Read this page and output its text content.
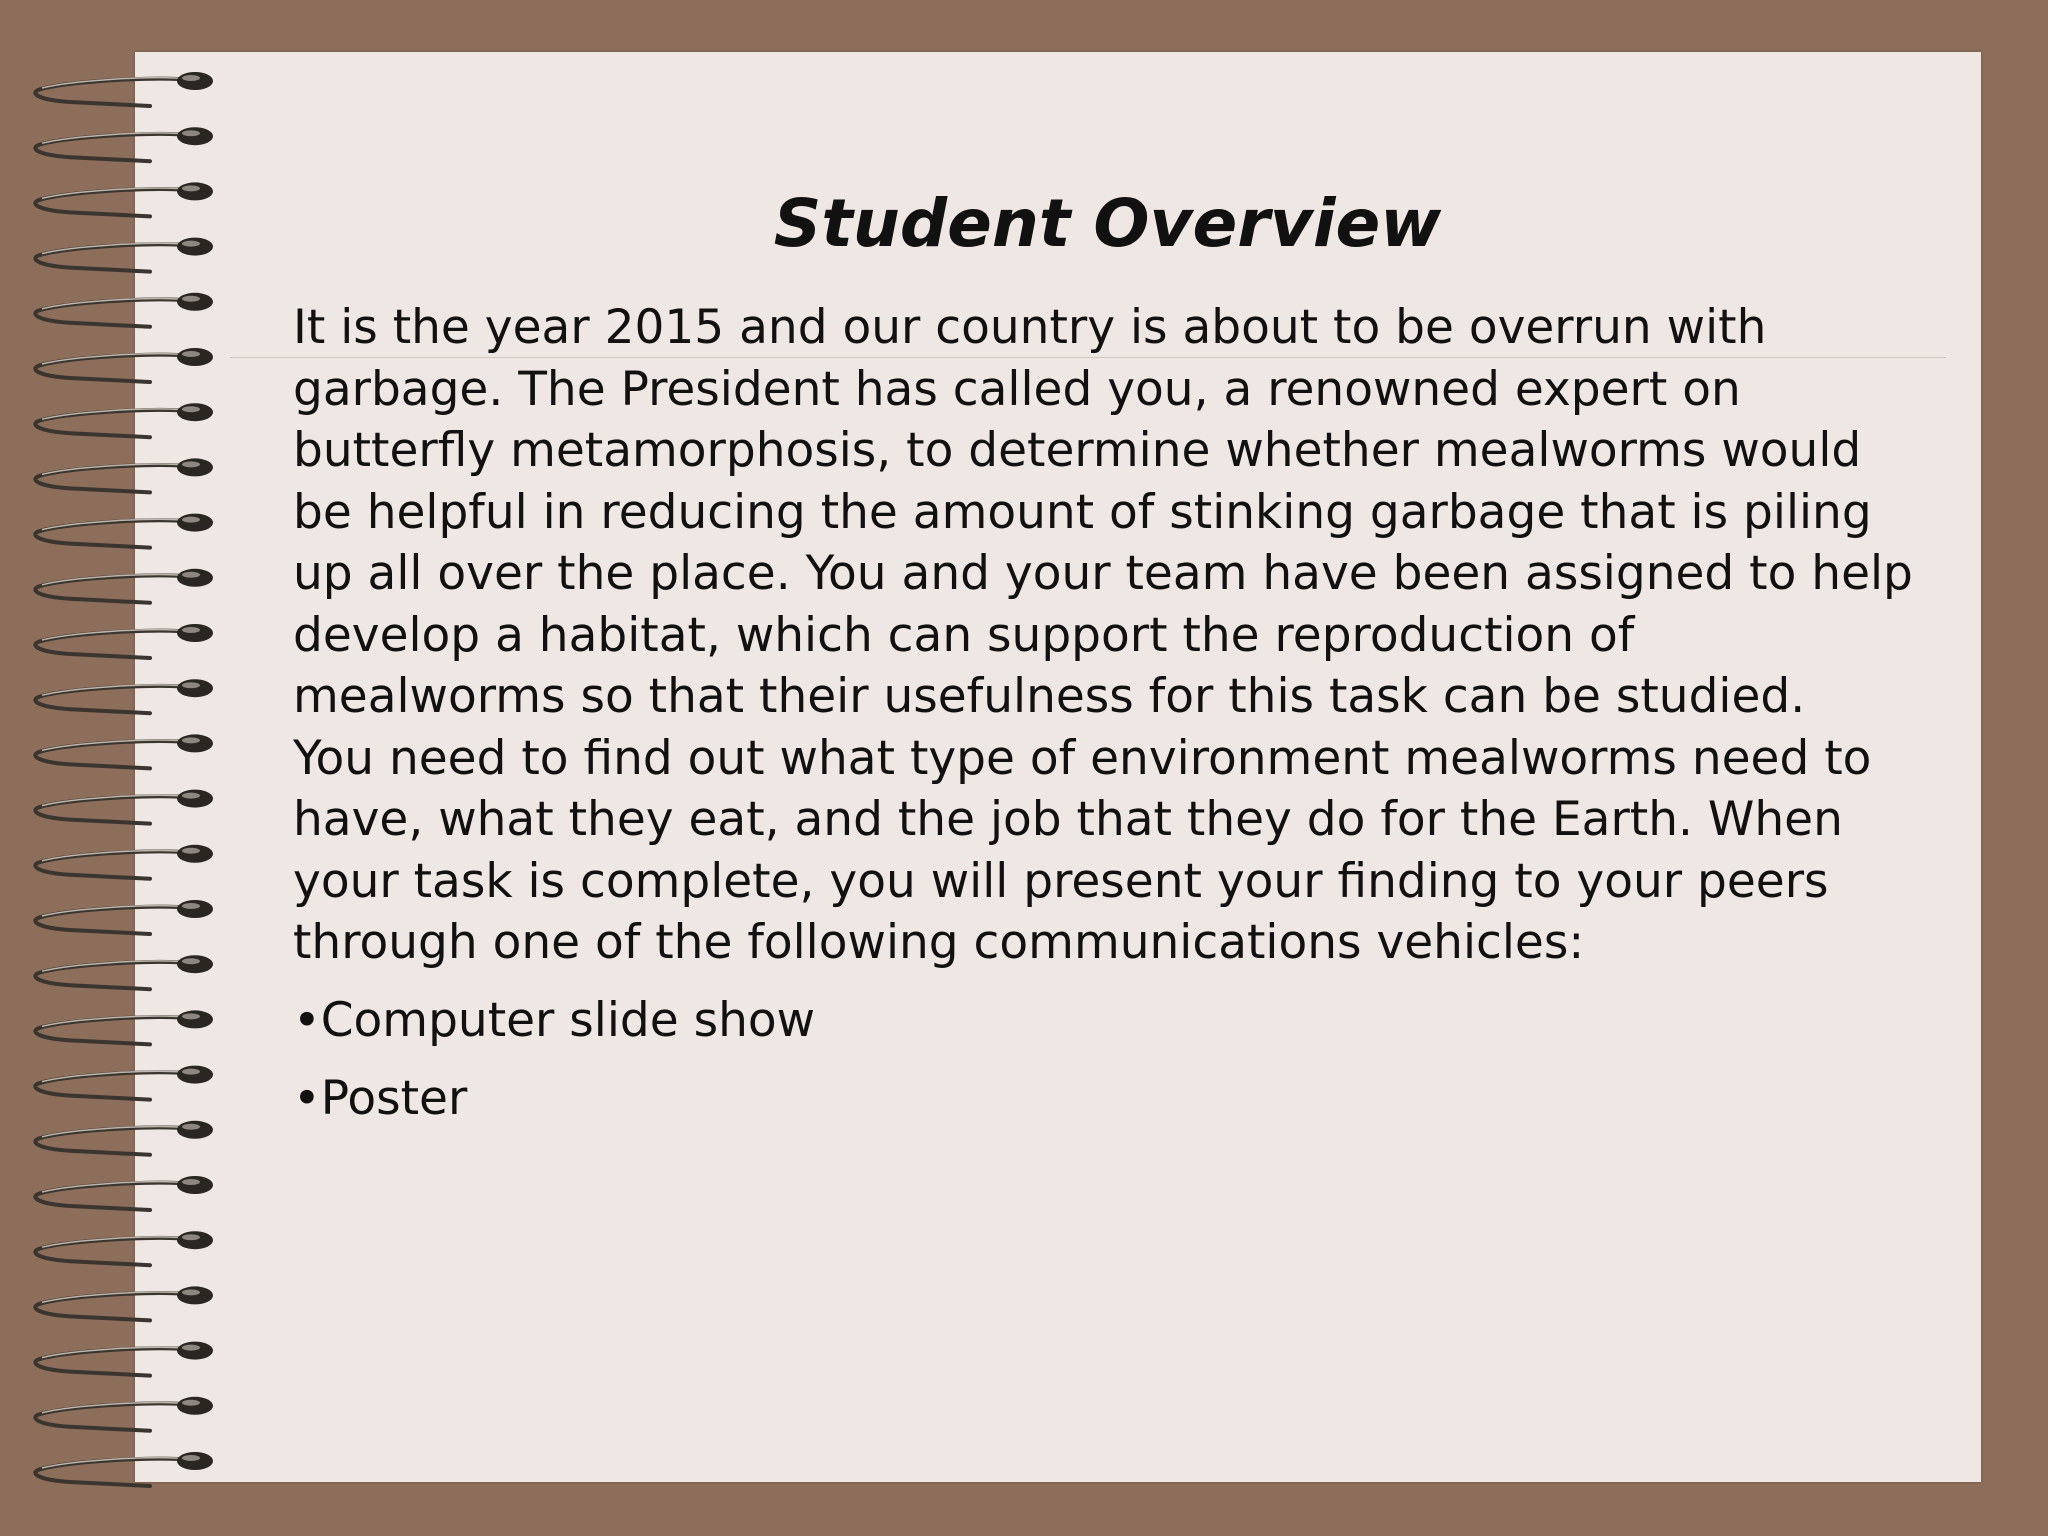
Student Overview
It is the year 2015 and our country is about to be overrun with
garbage. The President has called you, a renowned expert on
butterfly metamorphosis, to determine whether mealworms would
be helpful in reducing the amount of stinking garbage that is piling
up all over the place. You and your team have been assigned to help
develop a habitat, which can support the reproduction of
mealworms so that their usefulness for this task can be studied.
You need to find out what type of environment mealworms need to
have, what they eat, and the job that they do for the Earth. When
your task is complete, you will present your finding to your peers
through one of the following communications vehicles:
•Computer slide show
•Poster
